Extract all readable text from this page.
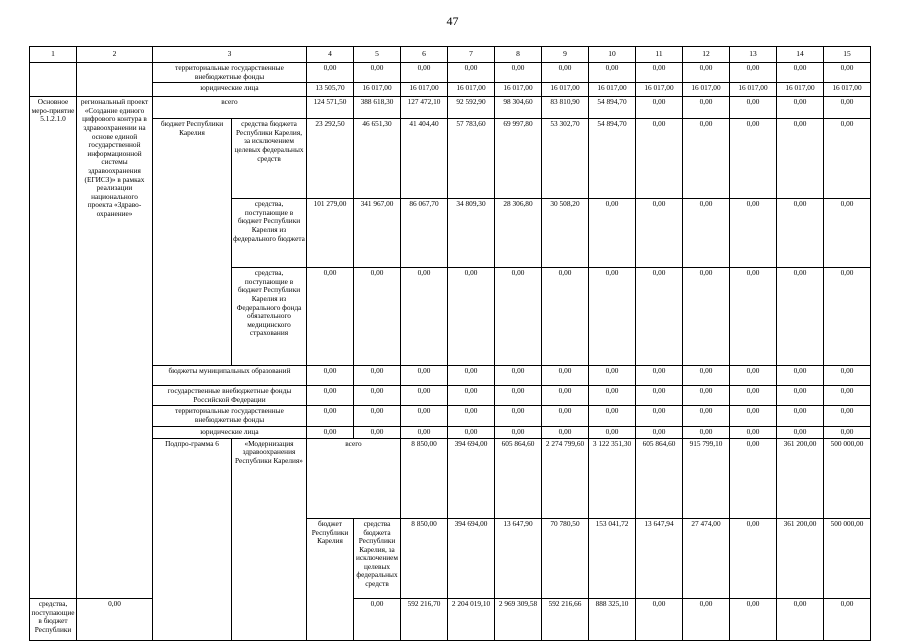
47
1	2	3		4	5	6	7	8	9	10	11	12	13	14	15	
		территориальные государственные внебюджетные фонды		0,00	0,00	0,00	0,00	0,00	0,00	0,00	0,00	0,00	0,00	0,00	0,00	
		юридические лица		13 505,70	16 017,00	16 017,00	16 017,00	16 017,00	16 017,00	16 017,00	16 017,00	16 017,00	16 017,00	16 017,00	16 017,00	
Основное меро-приятие 5.1.2.1.0	региональный проект «Создание единого цифрового контура в здравоохранении на основе единой государственной информационной системы здравоохранения (ЕГИСЗ)» в рамках реализации национального проекта «Здраво-охранение»	всего		124 571,50	388 618,30	127 472,10	92 592,90	98 304,60	83 810,90	54 894,70	0,00	0,00	0,00	0,00	0,00	
		бюджет Республики Карелия	средства бюджета Республики Карелия, за исключением целевых федеральных средств	23 292,50	46 651,30	41 404,40	57 783,60	69 997,80	53 302,70	54 894,70	0,00	0,00	0,00	0,00	0,00	
			средства, поступающие в бюджет Республики Карелия из федерального бюджета	101 279,00	341 967,00	86 067,70	34 809,30	28 306,80	30 508,20	0,00	0,00	0,00	0,00	0,00	0,00	
			средства, поступающие в бюджет Республики Карелия из Федерального фонда обязательного медицинского страхования	0,00	0,00	0,00	0,00	0,00	0,00	0,00	0,00	0,00	0,00	0,00	0,00	
		бюджеты муниципальных образований		0,00	0,00	0,00	0,00	0,00	0,00	0,00	0,00	0,00	0,00	0,00	0,00	
		государственные внебюджетные фонды Российской Федерации		0,00	0,00	0,00	0,00	0,00	0,00	0,00	0,00	0,00	0,00	0,00	0,00	
		территориальные государственные внебюджетные фонды		0,00	0,00	0,00	0,00	0,00	0,00	0,00	0,00	0,00	0,00	0,00	0,00	
		юридические лица		0,00	0,00	0,00	0,00	0,00	0,00	0,00	0,00	0,00	0,00	0,00	0,00	
		Подпро-грамма 6	«Модернизация здравоохранения Республики Карелия»	всего		8 850,00	394 694,00	605 864,60	2 274 799,60	3 122 351,30	605 864,60	915 799,10	0,00	361 200,00	500 000,00		
				бюджет Республики Карелия	средства бюджета Республики Карелия, за исключением целевых федеральных средств	8 850,00	394 694,00	13 647,90	70 780,50	153 041,72	13 647,94	27 474,00	0,00	361 200,00	500 000,00		
средства, поступающие в бюджет Республики	0,00				0,00	592 216,70	2 204 019,10	2 969 309,58	592 216,66	888 325,10	0,00	0,00	0,00	0,00	0,00	
